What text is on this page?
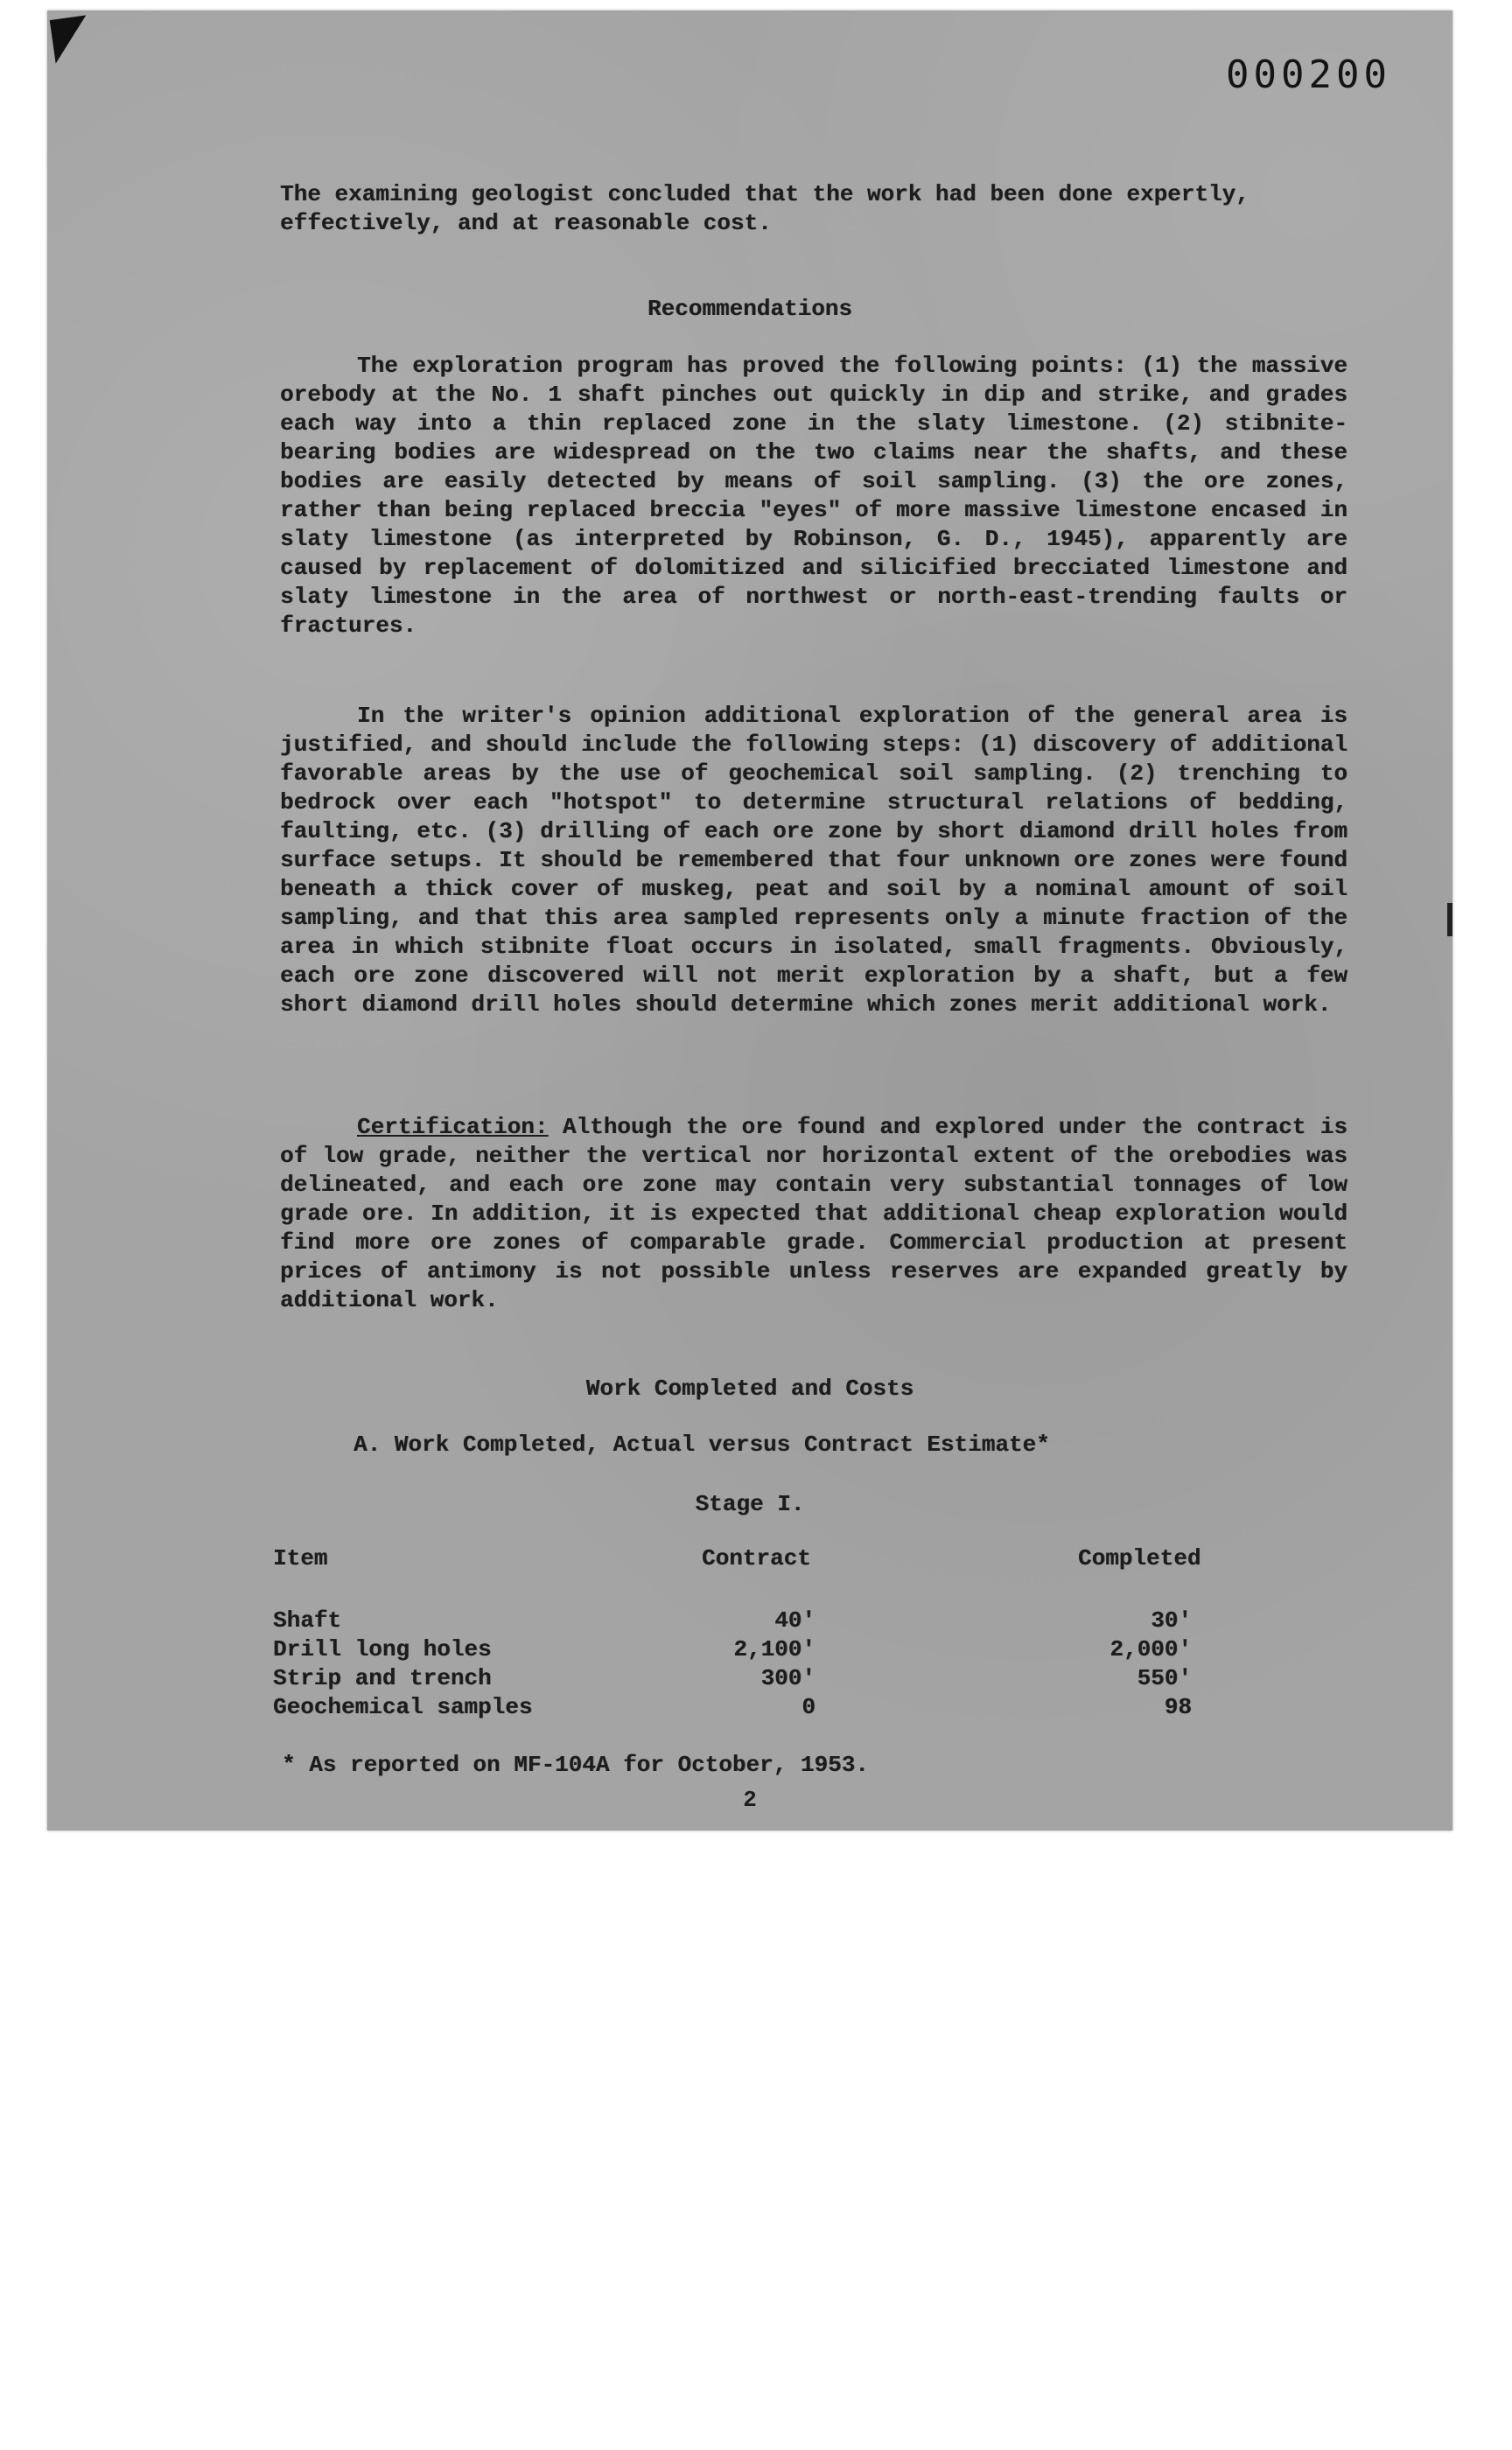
000200
The examining geologist concluded that the work had been done expertly, effectively, and at reasonable cost.
Recommendations

The exploration program has proved the following points: (1) the massive orebody at the No. 1 shaft pinches out quickly in dip and strike, and grades each way into a thin replaced zone in the slaty limestone. (2) stibnite-bearing bodies are widespread on the two claims near the shafts, and these bodies are easily detected by means of soil sampling. (3) the ore zones, rather than being replaced breccia "eyes" of more massive limestone encased in slaty limestone (as interpreted by Robinson, G. D., 1945), apparently are caused by replacement of dolomitized and silicified brecciated limestone and slaty limestone in the area of northwest or north-east-trending faults or fractures.

In the writer's opinion additional exploration of the general area is justified, and should include the following steps: (1) discovery of additional favorable areas by the use of geochemical soil sampling. (2) trenching to bedrock over each "hotspot" to determine structural relations of bedding, faulting, etc. (3) drilling of each ore zone by short diamond drill holes from surface setups. It should be remembered that four unknown ore zones were found beneath a thick cover of muskeg, peat and soil by a nominal amount of soil sampling, and that this area sampled represents only a minute fraction of the area in which stibnite float occurs in isolated, small fragments. Obviously, each ore zone discovered will not merit exploration by a shaft, but a few short diamond drill holes should determine which zones merit additional work.

Certification: Although the ore found and explored under the contract is of low grade, neither the vertical nor horizontal extent of the orebodies was delineated, and each ore zone may contain very substantial tonnages of low grade ore. In addition, it is expected that additional cheap exploration would find more ore zones of comparable grade. Commercial production at present prices of antimony is not possible unless reserves are expanded greatly by additional work.

Work Completed and Costs
A. Work Completed, Actual versus Contract Estimate*
Stage I.
Item	Contract	Completed
Shaft	40'	30'
Drill long holes	2,100'	2,000'
Strip and trench	300'	550'
Geochemical samples	0	98
* As reported on MF-104A for October, 1953.
2
